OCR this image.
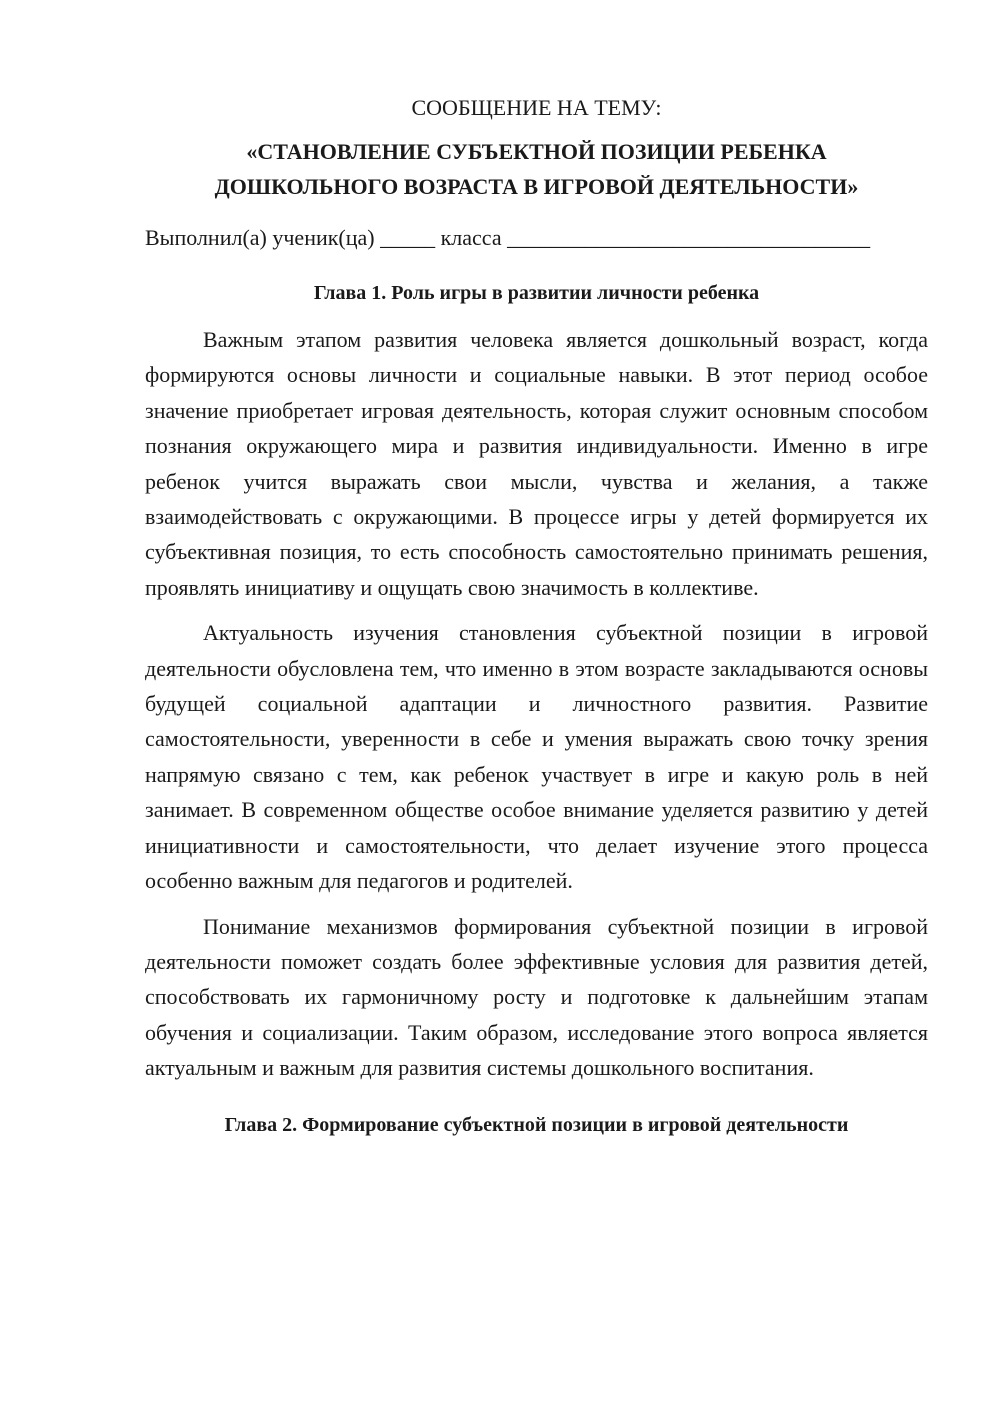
СООБЩЕНИЕ НА ТЕМУ:
«СТАНОВЛЕНИЕ СУБЪЕКТНОЙ ПОЗИЦИИ РЕБЕНКА
ДОШКОЛЬНОГО ВОЗРАСТА В ИГРОВОЙ ДЕЯТЕЛЬНОСТИ»
Выполнил(а) ученик(ца) _____ класса _________________________________
Глава 1. Роль игры в развитии личности ребенка

Важным этапом развития человека является дошкольный возраст, когда формируются основы личности и социальные навыки. В этот период особое значение приобретает игровая деятельность, которая служит основным способом познания окружающего мира и развития индивидуальности. Именно в игре ребенок учится выражать свои мысли, чувства и желания, а также взаимодействовать с окружающими. В процессе игры у детей формируется их субъективная позиция, то есть способность самостоятельно принимать решения, проявлять инициативу и ощущать свою значимость в коллективе.

Актуальность изучения становления субъектной позиции в игровой деятельности обусловлена тем, что именно в этом возрасте закладываются основы будущей социальной адаптации и личностного развития. Развитие самостоятельности, уверенности в себе и умения выражать свою точку зрения напрямую связано с тем, как ребенок участвует в игре и какую роль в ней занимает. В современном обществе особое внимание уделяется развитию у детей инициативности и самостоятельности, что делает изучение этого процесса особенно важным для педагогов и родителей.

Понимание механизмов формирования субъектной позиции в игровой деятельности поможет создать более эффективные условия для развития детей, способствовать их гармоничному росту и подготовке к дальнейшим этапам обучения и социализации. Таким образом, исследование этого вопроса является актуальным и важным для развития системы дошкольного воспитания.

Глава 2. Формирование субъектной позиции в игровой деятельности
